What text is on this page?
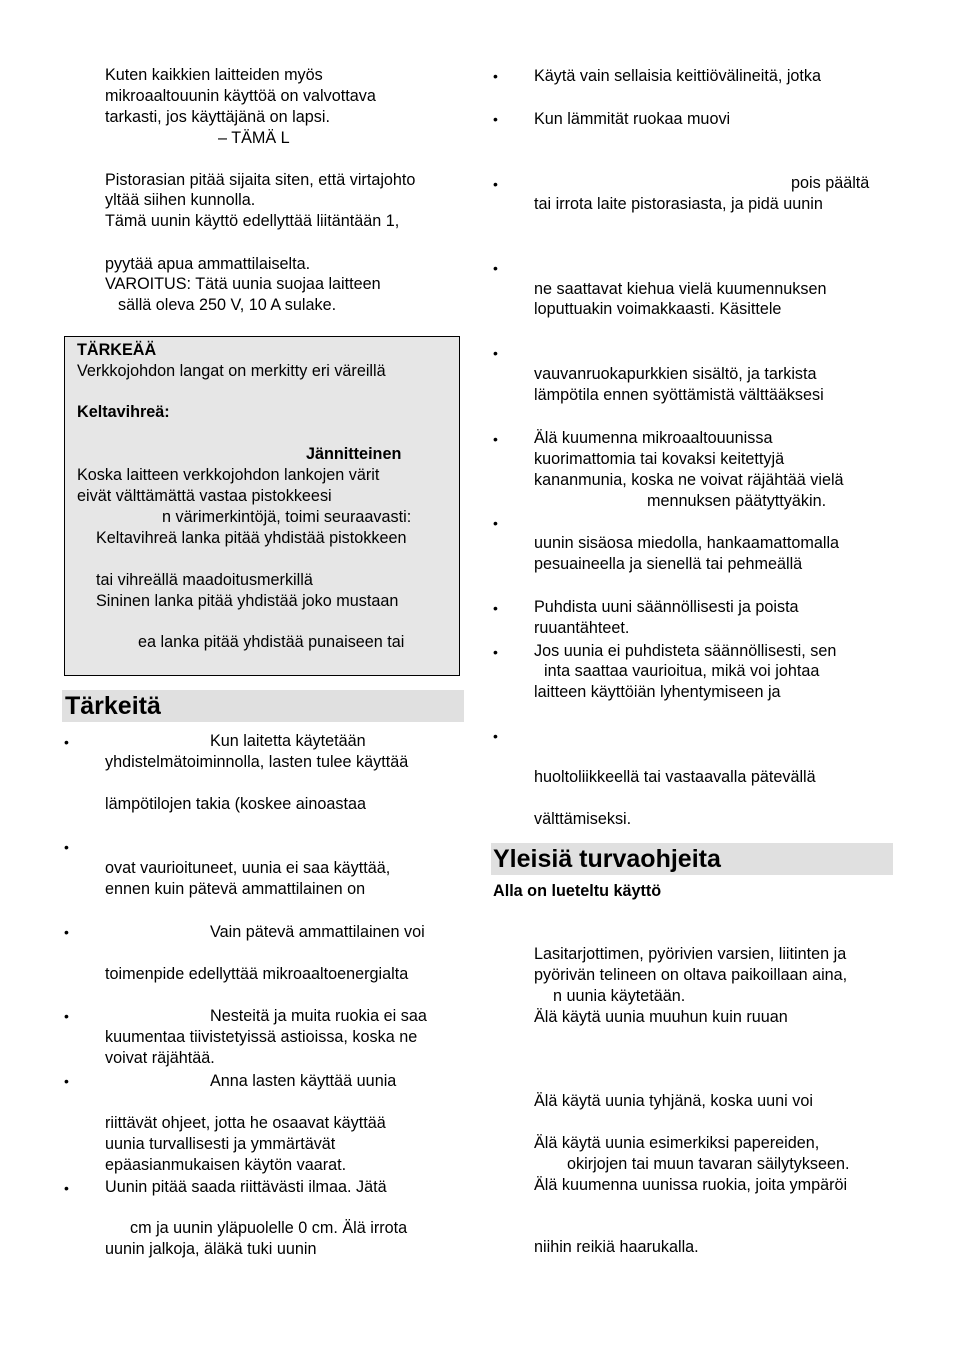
Kuten kaikkien laitteiden myös
mikroaaltouunin käyttöä on valvottava
tarkasti, jos käyttäjänä on lapsi.
– TÄMÄ L
Pistorasian pitää sijaita siten, että virtajohto
yltää siihen kunnolla.
Tämä uunin käyttö edellyttää liitäntään 1,
pyytää apua ammattilaiselta.
VAROITUS: Tätä uunia suojaa laitteen
sällä oleva 250 V, 10 A sulake.
TÄRKEÄÄ
Verkkojohdon langat on merkitty eri väreillä
Keltavihreä:
Jännitteinen
Koska laitteen verkkojohdon lankojen värit
eivät välttämättä vastaa pistokkeesi
n värimerkintöjä, toimi seuraavasti:
Keltavihreä lanka pitää yhdistää pistokkeen
tai vihreällä maadoitusmerkillä
Sininen lanka pitää yhdistää joko mustaan
ea lanka pitää yhdistää punaiseen tai
Tärkeitä
•	Kun laitetta käytetään
yhdistelmätoiminnolla, lasten tulee käyttää
lämpötilojen takia (koskee ainoastaa
•
ovat vaurioituneet, uunia ei saa käyttää,
ennen kuin pätevä ammattilainen on
•	Vain pätevä ammattilainen voi
toimenpide edellyttää mikroaaltoenergialta
•	Nesteitä ja muita ruokia ei saa
kuumentaa tiivistetyissä astioissa, koska ne
voivat räjähtää.
•	Anna lasten käyttää uunia
riittävät ohjeet, jotta he osaavat käyttää
uunia turvallisesti ja ymmärtävät
epäasianmukaisen käytön vaarat.
• Uunin pitää saada riittävästi ilmaa. Jätä
cm ja uunin yläpuolelle 0 cm. Älä irrota
uunin jalkoja, äläkä tuki uunin
• Käytä vain sellaisia keittiövälineitä, jotka
• Kun lämmität ruokaa muovi
•	pois päältä
tai irrota laite pistorasiasta, ja pidä uunin
•
ne saattavat kiehua vielä kuumennuksen
loputtuakin voimakkaasti. Käsittele
•
vauvanruokapurkkien sisältö, ja tarkista
lämpötila ennen syöttämistä välttääksesi
• Älä kuumenna mikroaaltouunissa
kuorimattomia tai kovaksi keitettyjä
kananmunia, koska ne voivat räjähtää vielä
mennuksen päätyttyäkin.
•
uunin sisäosa miedolla, hankaamattomalla
pesuaineella ja sienellä tai pehmeällä
• Puhdista uuni säännöllisesti ja poista
ruuantähteet.
• Jos uunia ei puhdisteta säännöllisesti, sen
inta saattaa vaurioitua, mikä voi johtaa
laitteen käyttöiän lyhentymiseen ja
•
huoltoliikkeellä tai vastaavalla pätevällä
välttämiseksi.
Yleisiä turvaohjeita
Alla on lueteltu käyttö
Lasitarjottimen, pyörivien varsien, liitinten ja
pyörivän telineen on oltava paikoillaan aina,
n uunia käytetään.
Älä käytä uunia muuhun kuin ruuan
Älä käytä uunia tyhjänä, koska uuni voi
Älä käytä uunia esimerkiksi papereiden,
okirjojen tai muun tavaran säilytykseen.
Älä kuumenna uunissa ruokia, joita ympäröi
niihin reikiä haarukalla.
